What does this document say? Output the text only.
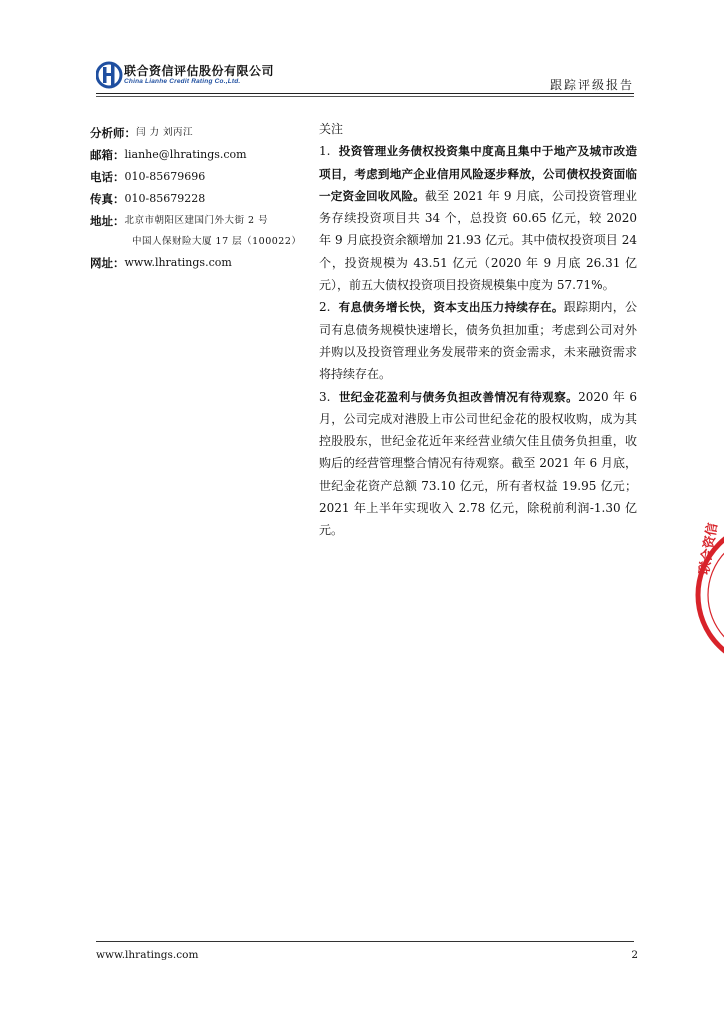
联合资信评估股份有限公司
China Lianhe Credit Rating Co.,Ltd.	跟踪评级报告
分析师： 闫 力 刘丙江
邮箱： lianhe@lhratings.com
电话： 010-85679696
传真： 010-85679228
地址： 北京市朝阳区建国门外大街 2 号
中国人保财险大厦 17 层（100022）
网址： www.lhratings.com

关注

1. 投资管理业务债权投资集中度高且集中于地产及城市改造项目，考虑到地产企业信用风险逐步释放，公司债权投资面临一定资金回收风险。截至 2021 年 9 月底，公司投资管理业务存续投资项目共 34 个，总投资 60.65 亿元，较 2020 年 9 月底投资余额增加 21.93 亿元。其中债权投资项目 24 个，投资规模为 43.51 亿元（2020 年 9 月底 26.31 亿元），前五大债权投资项目投资规模集中度为 57.71%。

2. 有息债务增长快，资本支出压力持续存在。跟踪期内，公司有息债务规模快速增长，债务负担加重；考虑到公司对外并购以及投资管理业务发展带来的资金需求，未来融资需求将持续存在。

3. 世纪金花盈利与债务负担改善情况有待观察。2020 年 6 月，公司完成对港股上市公司世纪金花的股权收购，成为其控股股东，世纪金花近年来经营业绩欠佳且债务负担重，收购后的经营管理整合情况有待观察。截至 2021 年 6 月底，世纪金花资产总额 73.10 亿元，所有者权益 19.95 亿元；2021 年上半年实现收入 2.78 亿元，除税前利润-1.30 亿元。	联合资信
www.lhratings.com	2
